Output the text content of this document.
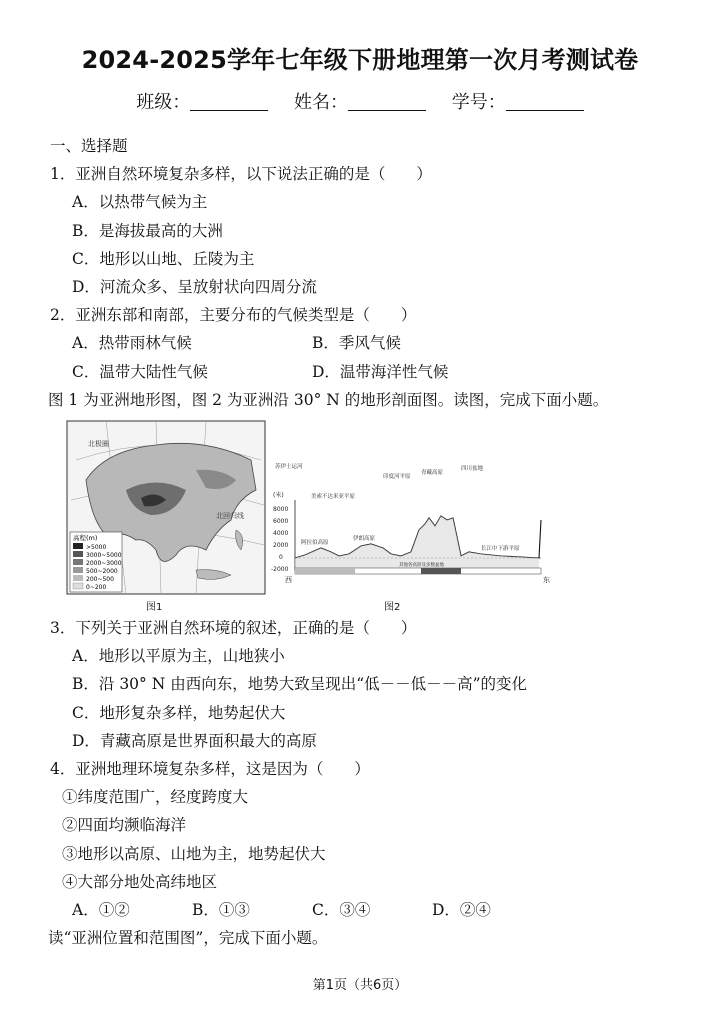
2024-2025学年七年级下册地理第一次月考测试卷
班级：	姓名：	学号：
一、选择题
1．亚洲自然环境复杂多样，以下说法正确的是（　　）
A．以热带气候为主
B．是海拔最高的大洲
C．地形以山地、丘陵为主
D．河流众多、呈放射状向四周分流
2．亚洲东部和南部，主要分布的气候类型是（　　）
A．热带雨林气候	B．季风气候
C．温带大陆性气候	D．温带海洋性气候
图 1 为亚洲地形图，图 2 为亚洲沿 30° N 的地形剖面图。读图，完成下面小题。
北极圈
北回归线
高程(m)
>5000
3000~5000
2000~3000
500~2000
200~500
0~200
图1
(米)
8000
6000
4000
2000
0
-2000
苏伊士运河
美索不达米亚平原
印度河平原
青藏高原
四川盆地
阿拉伯高原
伊朗高原
长江中下游平原
其他各高原及多数盆地
西	东
图2
3．下列关于亚洲自然环境的叙述，正确的是（　　）
A．地形以平原为主，山地狭小
B．沿 30° N 由西向东，地势大致呈现出“低－－低－－高”的变化
C．地形复杂多样，地势起伏大
D．青藏高原是世界面积最大的高原
4．亚洲地理环境复杂多样，这是因为（　　）
①纬度范围广，经度跨度大
②四面均濒临海洋
③地形以高原、山地为主，地势起伏大
④大部分地处高纬地区
A．①②	B．①③	C．③④	D．②④
读“亚洲位置和范围图”，完成下面小题。
第1页（共6页）
